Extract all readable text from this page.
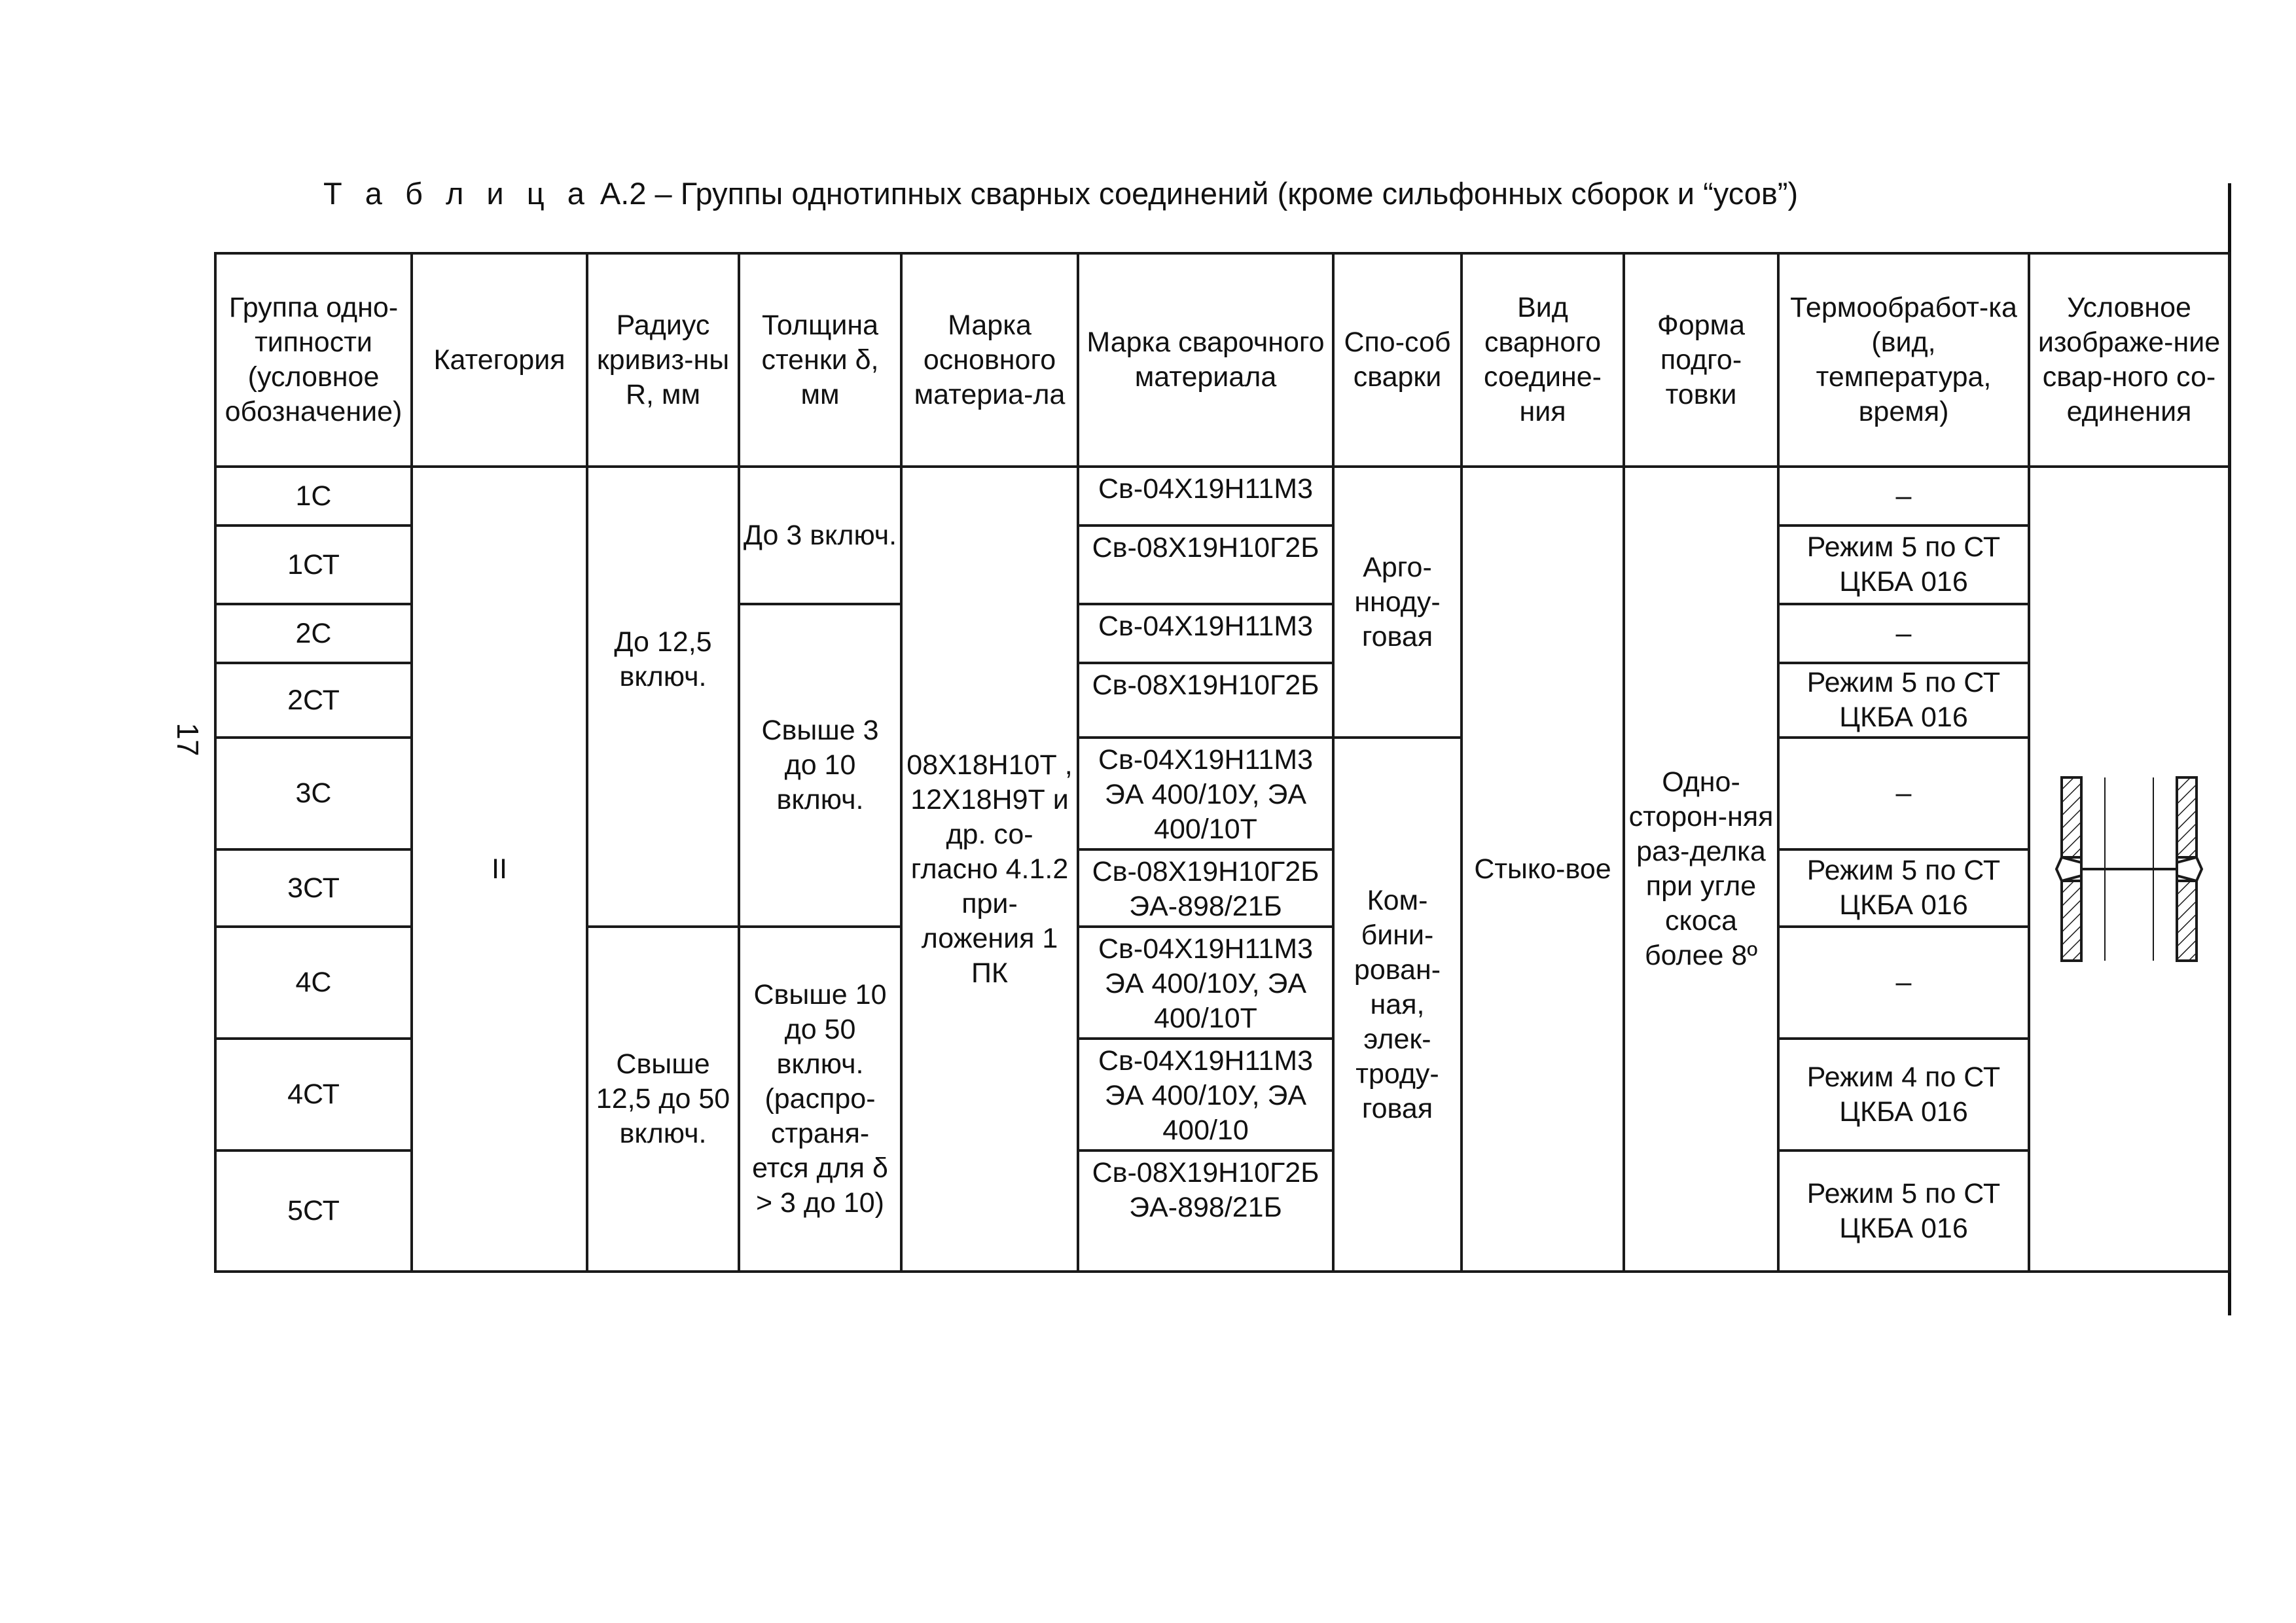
Т а б л и ц а А.2 – Группы однотипных сварных соединений (кроме сильфонных сборок и “усов”)
17
Группа одно-типности (условное обозначение)	Категория	Радиус кривиз-ны R, мм	Толщина стенки δ, мм	Марка основного материа-ла	Марка сварочного материала	Спо-соб сварки	Вид сварного соедине-ния	Форма подго-товки	Термообработ-ка (вид, температура, время)	Условное изображе-ние свар-ного со-единения
1С	II	До 12,5 включ.	До 3 включ.	08Х18Н10Т , 12Х18Н9Т и др. со-гласно 4.1.2 при-ложения 1 ПК	Св-04Х19Н11М3	Арго-нноду-говая	Стыко-вое	Одно-сторон-няя раз-делка при угле скоса более 8º	–	

1СТ					Св-08Х19Н10Г2Б				Режим 5 по СТ ЦКБА 016	
2С			Свыше 3 до 10 включ.		Св-04Х19Н11М3				–	
2СТ					Св-08Х19Н10Г2Б				Режим 5 по СТ ЦКБА 016	
3С					Св-04Х19Н11М3 ЭА 400/10У, ЭА 400/10Т	Ком-бини-рован-ная, элек-троду-говая			–	
3СТ					Св-08Х19Н10Г2Б ЭА-898/21Б				Режим 5 по СТ ЦКБА 016	
4С		Свыше 12,5 до 50 включ.	Свыше 10 до 50 включ. (распро-страня-ется для δ > 3 до 10)		Св-04Х19Н11М3 ЭА 400/10У, ЭА 400/10Т				–	
4СТ					Св-04Х19Н11М3 ЭА 400/10У, ЭА 400/10				Режим 4 по СТ ЦКБА 016	
5СТ					Св-08Х19Н10Г2Б ЭА-898/21Б				Режим 5 по СТ ЦКБА 016	
